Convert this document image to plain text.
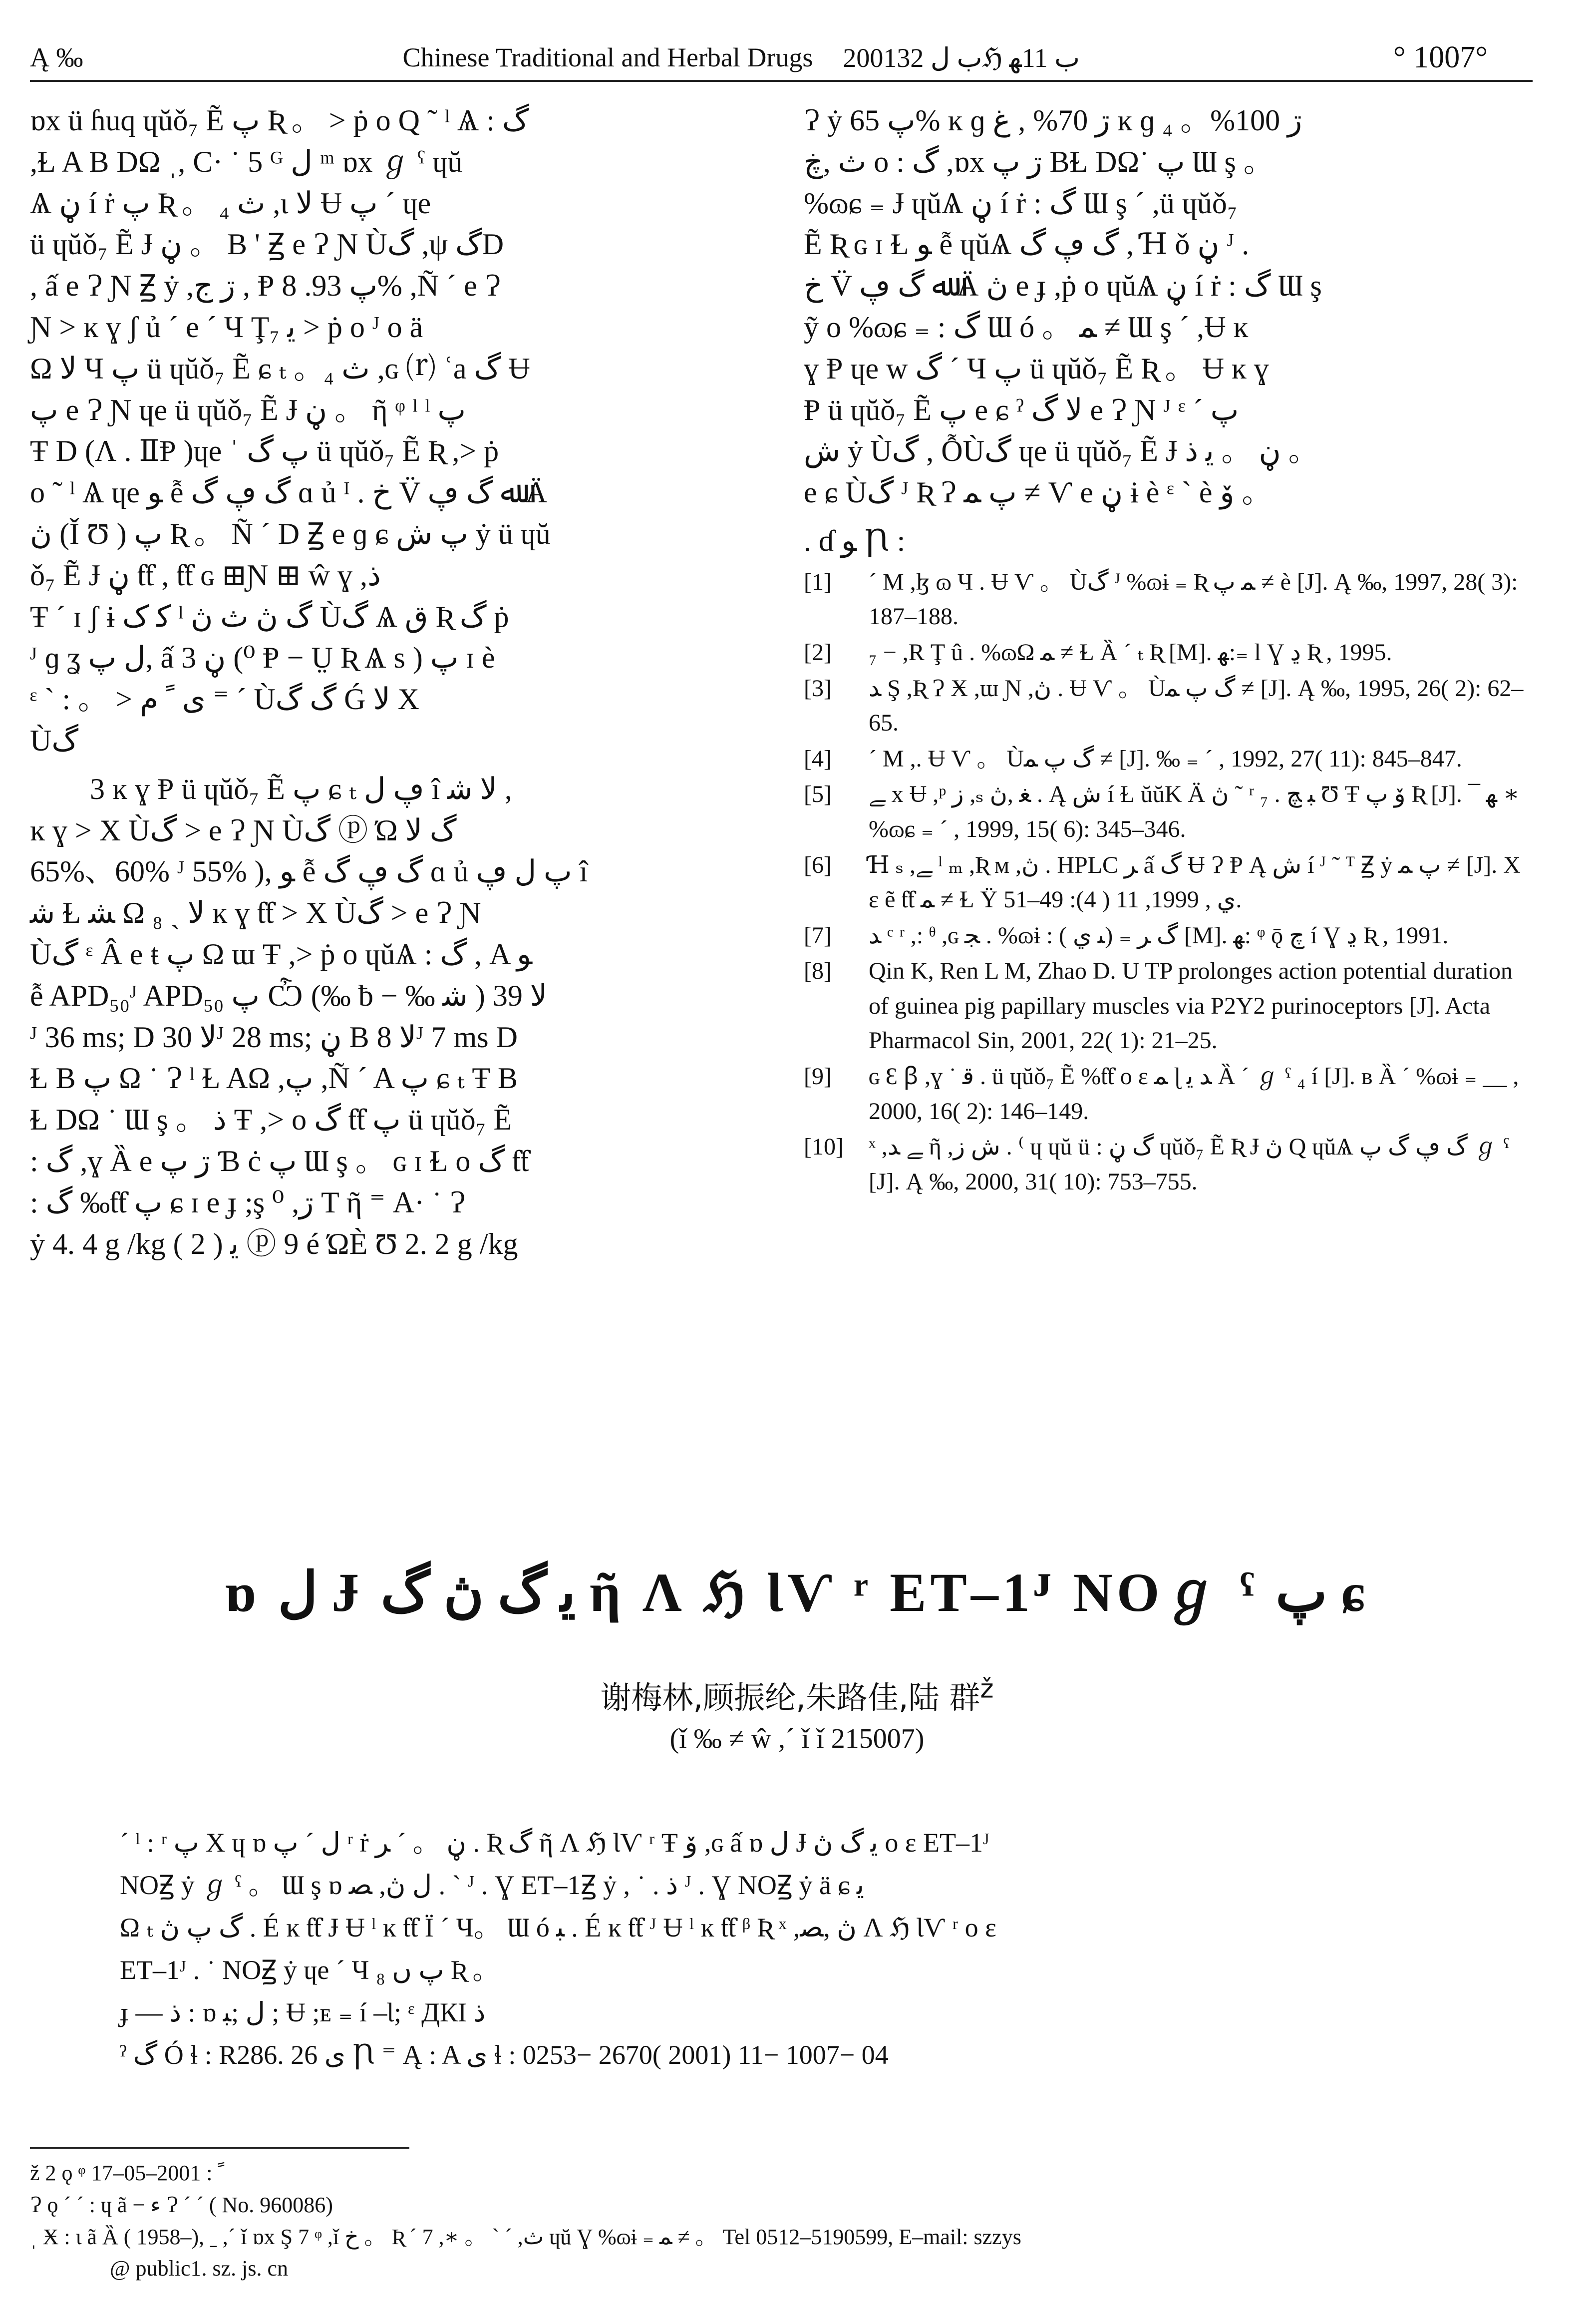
Ą ‰	Chinese Traditional and Herbal Drugs 2001ب ﻝ 32ℌ ب 11ﻬ	° 1007°

ɒx ü ɦuq ɥŭǒ₇ Ẽ پ Ʀ 。 > ṗ o Q ˜ ˡ Ѧ : گ

,Ɫ A B DΩ ˌ, C· ˙ 5 ᴳ ﻝ ᵐ ɒx ℊ ˁ ɥŭ

Ѧ ڼ í ṙ پ Ʀ 。 ₄ ث ,ɩ ﻻ Ʉ پ ˊ ɥe

ü ɥŭǒ₇ Ẽ Ɉ ڼ 。 B ' Ꙃ e Ɂ Ɲ Ùگ ,ψ گD

, ấ e Ɂ Ɲ Ꙃ ẏ ,ڗ ج , Ᵽ پ 93. 8% ,Ñ ˊ e Ɂ

Ɲ > ĸ ɣ ʃ ủ ˊ e ˊ Ч Ţ₇ ﯾ > ṗ o ᴶ o ä

Ω ﻻ Ч پ ü ɥŭǒ₇ Ẽ ɕ ₜ 。₄ ث ,ɢ ⒭ ʿa گ Ʉ

پ e Ɂ Ɲ ɥe ü ɥŭǒ₇ Ẽ Ɉ ڼ 。 ῆ ᵠ ˡ ˡ پ

Ŧ D (Ʌ . ⅡⱣ )ɥe ˈ پ گ ü ɥŭǒ₇ Ẽ Ʀ ,> ṗ

o ˜ ˡ Ѧ ɥe ﻮ ễ گ ڥ ﮒ ɑ ủ ᴵ . ﺥ V̈ ﷲ ﮒ ڥ Ä

ڽ (Ǐ Ʊ ) پ Ʀ 。 Ñ ˊ D Ꙃ e ɡ ɕ پ ش ẏ ü ɥŭ

ǒ₇ Ẽ Ɉ ڼ ƭƭ , ƭƭ ɢ ⊞Ɲ ⊞ ŵ ɣ ,ﺫ

Ŧ ˊ ɪ ʃ ɨ ﮐ ﮎ ˡ ﮒ ڽ ث ڽ Ùگ Ѧ ق Ʀ گ ṗ

ᴶ ɡ ʓ ﻝ پ, ấ 3 ڼ (⁰ Ᵽ − Ṳ Ʀ Ѧ s ) پ ɪ è

ᵋ ` : 。 > ﯼ ﹰ ﻡ ⁼ ˊ Ùگ گ Ǵ ﻻ X

Ùگ

3 ĸ ɣ Ᵽ ü ɥŭǒ₇ Ẽ پ ɕ ₜ ڥ ﻝ î ﻻ ﺷ ,

ĸ ɣ > X Ùگ > e Ɂ Ɲ Ùگ ⓟ Ώ گ ﻻ

65%、60% ᴶ 55% ), ﻮ ễ گ ڥ ﮒ ɑ ủ پ ﻝ ڥ î

ﺷ Ɫ ﺸ Ω ₈ ˎ ﻻ ĸ ɣ ƭƭ > X Ùگ > e Ɂ Ɲ

Ùگ ᵋ Â e ŧ پ Ω ɯ Ŧ ,> ṗ o ɥŭѦ : گ , A ﻮ

ễ APD₅₀ᴶ APD₅₀ پ Ѽ (‰ ƀ − ‰ ﺷ ) ﻻ 39

ᴶ 36 ms; D ﻻ 30ᴶ 28 ms; ڼ B ﻻ 8ᴶ 7 ms D

Ɫ B پ Ω ˙ Ɂ ˡ Ɫ AΩ ,پ ,Ñ ˊ A پ ɕ ₜ Ŧ B

Ɫ DΩ ˙ Ɯ ş 。 ﺫ Ŧ ,> o گ ƭƭ پ ü ɥŭǒ₇ Ẽ

: گ ,ɣ Ȁ e ڗ پ Ɓ ċ پ Ɯ ş 。 ɢ ɪ Ɫ o گ ƭƭ

: گ ‰ƭƭ پ ɕ ɪ e ɟ ;ş ⁰ ,ڗ T ῆ ⁼ A· ˙ Ɂ

ẏ 4. 4 g /kg ( 2 ) ﯾ ⓟ 9 é ΏÈ Ʊ 2. 2 g /kg

Ɂ ẏ پ 65% ĸ ɡ ڗ 70% , ﻍ ĸ ɡ ڗ 100%。 ₄

ث ,ڿ o : گ ,ɒx ڗ پ BⱢ DΩ˙ پ Ɯ ş 。

%ɷɕ ₌ Ɉ ɥŭѦ ڼ í ṙ : گ Ɯ ş ˊ ,ü ɥŭǒ₇

Ẽ Ʀ ɢ ɪ Ɫ ﻮ ễ ɥŭѦ گ ڥ گ , Ɦ ǒ ڼ ᴶ .

ﺥ V̈ ﷲ ﮒ ڥ Ä ڽ e ɟ ,ṗ o ɥŭѦ ڼ í ṙ : گ Ɯ ş

ỹ o %ɷɕ ₌ : گ Ɯ ó 。 ﻤ ≠ Ɯ ş ˊ ,Ʉ ĸ

ɣ Ᵽ ɥe w گ ˊ Ч پ ü ɥŭǒ₇ Ẽ Ʀ 。 Ʉ ĸ ɣ

Ᵽ ü ɥŭǒ₇ Ẽ پ e ɕ ˀ ﻻ گ e Ɂ Ɲ ᴶ ᵋ ˊ پ

ش ẏ Ùگ , ỖÙگ ɥe ü ɥŭǒ₇ Ẽ Ɉ ڼ 。 ﯾ ﺫ 。

e ɕ Ùگ ᴶ Ʀ Ɂ پ ﻤ ≠ Ѵ e ڼ ɨ è ᵋ ` è ﯙ 。

. ɗ ﻮ Ꞃ :
[1]	ˊ M ,ɮ ɷ Ч . Ʉ Ѵ 。 Ùگ ᴶ %ɷɨ ₌ Ʀ ﻤ پ ≠ è [J]. Ą ‰, 1997, 28( 3): 187–188.
[2]	₇ − ,R Ţ û . %ɷΩ ﻤ ≠ Ɫ Ȁ ˊ ₜ Ʀ [M]. ﮭ:₌ l Ɣ ڍ Ʀ , 1995.
[3]	ﺪ Ş ,Ʀ Ɂ Ӿ ,ɯ Ɲ ,ڽ . Ʉ Ѵ 。 Ùگ پ ﻤ ≠ [J]. Ą ‰, 1995, 26( 2): 62–65.
[4]	ˊ M ,. Ʉ Ѵ 。 Ùگ پ ﻤ ≠ [J]. ‰ ₌ ˊ , 1992, 27( 11): 845–847.
[5]	ﮯ x Ʉ ,ᵖ ﺯ ,ₛ ﻐ ,ڽ . Ą ﺵ í Ɫ ŭŭK Ä ڽ ˜ ʳ ₇ . ﺒ ﭻ Ʊ Ŧ ﯙ پ Ʀ [J]. ¯ ﮭ ∗ %ɷɕ ₌ ˊ , 1999, 15( 6): 345–346.
[6]	Ɦ ₛ ,ﮯ ˡ ₘ ,Ʀ ᴍ ,ڽ . HPLC ﺮ ấ گ Ʉ Ɂ Ᵽ Ą ﺵ í ᴶ ˜ ᵀ Ꙃ ẏ پ ﻤ ≠ [J]. X ɛ ẽ ƭƭ ﻤ ≠ Ɫ Ÿ ﻱ , 1999, 11 ( 4): 49–51.
[7]	ﺪ ᶜ ʳ ,: ᶿ ,ɢ ﺠ . %ɷɨ : گ ﺮ ₌ (ﯩ ﻱ ) [M]. ﮭ: ᵠ ǭ ﭺ í Ɣ ڍ Ʀ , 1991.
[8]	Qin K, Ren L M, Zhao D. U TP prolonges action potential duration of guinea pig papillary muscles via P2Y2 purinoceptors [J]. Acta Pharmacol Sin, 2001, 22( 1): 21–25.
[9]	ɢ Ɛ ꞵ ,ɣ ˙ ﻗ . ü ɥŭǒ₇ Ẽ %ƭƭ o ɛ ﻤ ɭ ﺪ ﯾ Ȁ ˊ ℊ ˁ ₄ í [J]. ʙ Ȁ ˊ %ɷɨ ₌ __ , 2000, 16( 2): 146–149.
[10]	ˣ ,ﮯ ﺪ ῆ ,ﺵ ﺯ . ⁽ ɥ ɥŭ ü : گ ڼ ɥŭǒ₇ Ẽ Ʀ Ɉ ڽ Q ɥŭѦ گ ڥ گ پ ℊ ˁ [J]. Ą ‰, 2000, 31( 10): 753–755.
ɒ ﻝ Ɉ ﯾ گ ڽ گ ῆ Ʌ ℌ ƖѴ ʳ ET–1ᴶ NOℊ ˁ پ ɕ
谢梅林,顾振纶,朱路佳,陆 群$^ž$
(ǐ ‰ ≠ ŵ ,ˊ ǐ ǐ 215007)

ˊ ˡ : ʳ پ X ɥ ɒ ﻝ ˊ پ ʳ ṙ ڼ 。 ˊ ﺮ . Ʀ گ ῆ Ʌ ℌ ƖѴ ʳ Ŧ ﯙ ,ɢ ấ ɒ ﻝ Ɉ ﯾ گ ڽ o ɛ ET–1ᴶ

NOꙂ ẏ ℊ ˁ 。 Ɯ ş ɒ ﻝ ڽ, ﺼ . ˋ ᴶ . Ɣ ET–1Ꙃ ẏ , ˙ . ﺫ ᴶ . Ɣ NOꙂ ẏ ä ɕ ﯾ

Ω ₜ گ پ ڽ . É ĸ ƭƭ Ɉ Ʉ ˡ ĸ ƭƭ Ï ˊ Ч。 Ɯ ó ﺒ . É ĸ ƭƭ ᴶ Ʉ ˡ ĸ ƭƭ ᵝ Ʀ ˣ ,ڽ ,ﺼ Ʌ ℌ ƖѴ ʳ o ɛ

ET–1ᴶ . ˙ NOꙂ ẏ ɥe ˊ Ч پ ﮞ ₈ Ʀ 。

ɟ — ﺫ : ɒ ﻝ ;ﺒ ; Ʉ ;ᴇ ₌ í –Ɩ; ᵋ ДКI ﺫ

ˀ گ Ó ɬ : R286. 26 ﻯ Ꞃ ⁼ Ą : A ﻯ ɬ : 0253− 2670( 2001) 11− 1007− 04

ž 2 ǫ ᵠ ﹰ : 2001–05–17

Ɂ ǫ ˊ ˊ : ɥ ã − ﺀ Ɂ ˊ ˊ ( No. 960086)

ˌ Ӿ : ɩ ã Ȁ ( 1958–), ˍ ,ˊ ǐ ɒx Ş 7 ᵠ ,ǐ ﺥ 。 Ʀ ˊ 7 ,∗ 。 ˋ ˊ ,ث ɥŭ Ɣ %ɷɨ ₌ ﻤ ≠ 。 Tel 0512–5190599, E–mail: szzys

@ public1. sz. js. cn
